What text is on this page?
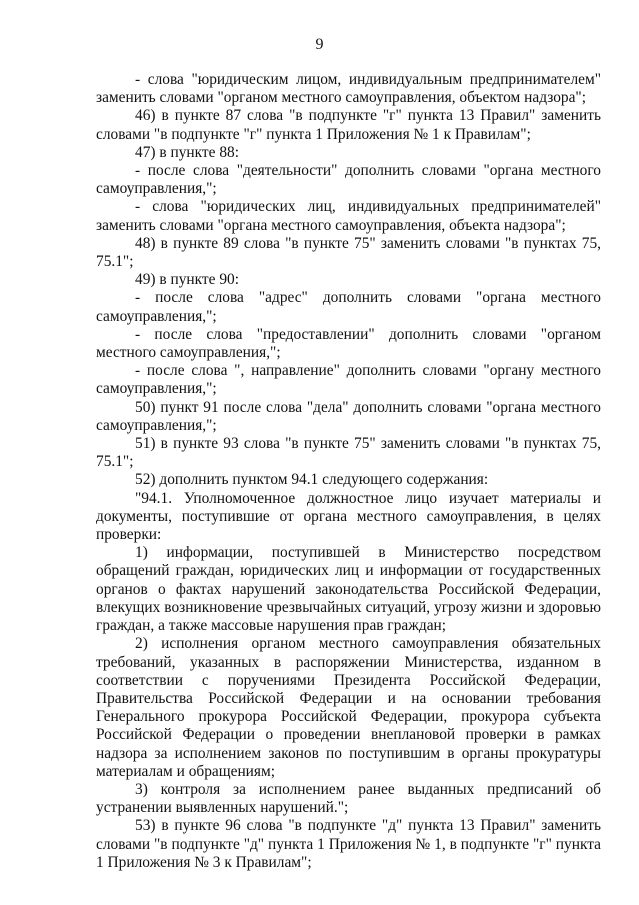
9

- слова "юридическим лицом, индивидуальным предпринимателем" заменить словами "органом местного самоуправления, объектом надзора";

46) в пункте 87 слова "в подпункте "г" пункта 13 Правил" заменить словами "в подпункте "г" пункта 1 Приложения № 1 к Правилам";

47) в пункте 88:

- после слова "деятельности" дополнить словами "органа местного самоуправления,";

- слова "юридических лиц, индивидуальных предпринимателей" заменить словами "органа местного самоуправления, объекта надзора";

48) в пункте 89 слова "в пункте 75" заменить словами "в пунктах 75, 75.1";

49) в пункте 90:

- после слова "адрес" дополнить словами "органа местного самоуправления,";

- после слова "предоставлении" дополнить словами "органом местного самоуправления,";

- после слова ", направление" дополнить словами "органу местного самоуправления,";

50) пункт 91 после слова "дела" дополнить словами "органа местного самоуправления,";

51) в пункте 93 слова "в пункте 75" заменить словами "в пунктах 75, 75.1";

52) дополнить пунктом 94.1 следующего содержания:

"94.1. Уполномоченное должностное лицо изучает материалы и документы, поступившие от органа местного самоуправления, в целях проверки:

1) информации, поступившей в Министерство посредством обращений граждан, юридических лиц и информации от государственных органов о фактах нарушений законодательства Российской Федерации, влекущих возникновение чрезвычайных ситуаций, угрозу жизни и здоровью граждан, а также массовые нарушения прав граждан;

2) исполнения органом местного самоуправления обязательных требований, указанных в распоряжении Министерства, изданном в соответствии с поручениями Президента Российской Федерации, Правительства Российской Федерации и на основании требования Генерального прокурора Российской Федерации, прокурора субъекта Российской Федерации о проведении внеплановой проверки в рамках надзора за исполнением законов по поступившим в органы прокуратуры материалам и обращениям;

3) контроля за исполнением ранее выданных предписаний об устранении выявленных нарушений.";

53) в пункте 96 слова "в подпункте "д" пункта 13 Правил" заменить словами "в подпункте "д" пункта 1 Приложения № 1, в подпункте "г" пункта 1 Приложения № 3 к Правилам";
